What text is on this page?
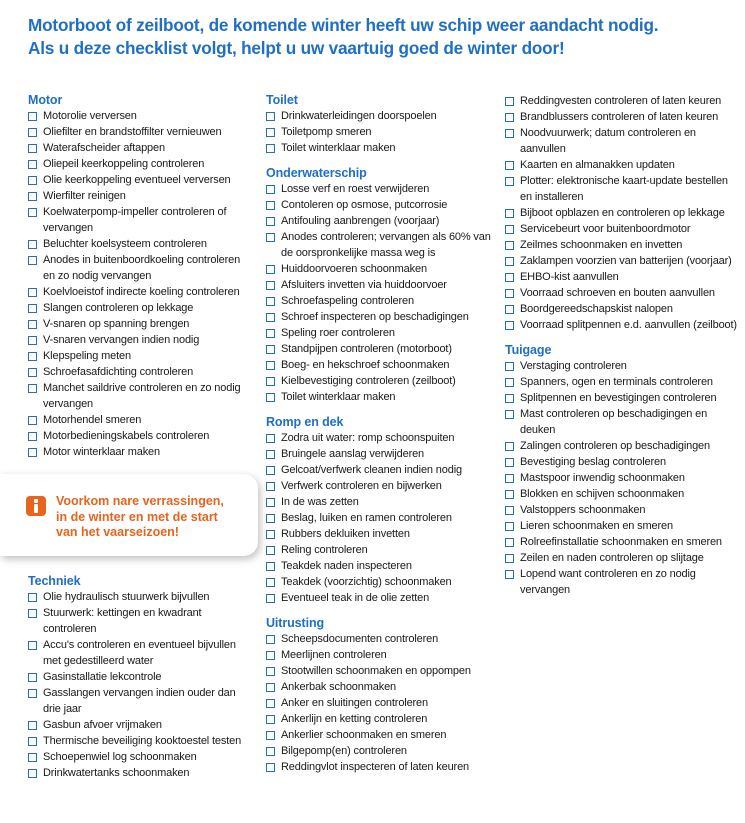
Motorboot of zeilboot, de komende winter heeft uw schip weer aandacht nodig.
Als u deze checklist volgt, helpt u uw vaartuig goed de winter door!
Motor
Motorolie verversen
Oliefilter en brandstoffilter vernieuwen
Waterafscheider aftappen
Oliepeil keerkoppeling controleren
Olie keerkoppeling eventueel verversen
Wierfilter reinigen
Koelwaterpomp-impeller controleren of vervangen
Beluchter koelsysteem controleren
Anodes in buitenboordkoeling controleren en zo nodig vervangen
Koelvloeistof indirecte koeling controleren
Slangen controleren op lekkage
V-snaren op spanning brengen
V-snaren vervangen indien nodig
Klepspeling meten
Schroefasafdichting controleren
Manchet saildrive controleren en zo nodig vervangen
Motorhendel smeren
Motorbedieningskabels controleren
Motor winterklaar maken
Voorkom nare verrassingen,
in de winter en met de start
van het vaarseizoen!
Techniek
Olie hydraulisch stuurwerk bijvullen
Stuurwerk: kettingen en kwadrant controleren
Accu's controleren en eventueel bijvullen met gedestilleerd water
Gasinstallatie lekcontrole
Gasslangen vervangen indien ouder dan drie jaar
Gasbun afvoer vrijmaken
Thermische beveiliging kooktoestel testen
Schoepenwiel log schoonmaken
Drinkwatertanks schoonmaken
Toilet
Drinkwaterleidingen doorspoelen
Toiletpomp smeren
Toilet winterklaar maken
Onderwaterschip
Losse verf en roest verwijderen
Contoleren op osmose, putcorrosie
Antifouling aanbrengen (voorjaar)
Anodes controleren; vervangen als 60% van de oorspronkelijke massa weg is
Huiddoorvoeren schoonmaken
Afsluiters invetten via huiddoorvoer
Schroefaspeling controleren
Schroef inspecteren op beschadigingen
Speling roer controleren
Standpijpen controleren (motorboot)
Boeg- en hekschroef schoonmaken
Kielbevestiging controleren (zeilboot)
Toilet winterklaar maken
Romp en dek
Zodra uit water: romp schoonspuiten
Bruingele aanslag verwijderen
Gelcoat/verfwerk cleanen indien nodig
Verfwerk controleren en bijwerken
In de was zetten
Beslag, luiken en ramen controleren
Rubbers dekluiken invetten
Reling controleren
Teakdek naden inspecteren
Teakdek (voorzichtig) schoonmaken
Eventueel teak in de olie zetten
Uitrusting
Scheepsdocumenten controleren
Meerlijnen controleren
Stootwillen schoonmaken en oppompen
Ankerbak schoonmaken
Anker en sluitingen controleren
Ankerlijn en ketting controleren
Ankerlier schoonmaken en smeren
Bilgepomp(en) controleren
Reddingvlot inspecteren of laten keuren
Reddingvesten controleren of laten keuren
Brandblussers controleren of laten keuren
Noodvuurwerk; datum controleren en aanvullen
Kaarten en almanakken updaten
Plotter: elektronische kaart-update bestellen en installeren
Bijboot opblazen en controleren op lekkage
Servicebeurt voor buitenboordmotor
Zeilmes schoonmaken en invetten
Zaklampen voorzien van batterijen (voorjaar)
EHBO-kist aanvullen
Voorraad schroeven en bouten aanvullen
Boordgereedschapskist nalopen
Voorraad splitpennen e.d. aanvullen (zeilboot)
Tuigage
Verstaging controleren
Spanners, ogen en terminals controleren
Splitpennen en bevestigingen controleren
Mast controleren op beschadigingen en deuken
Zalingen controleren op beschadigingen
Bevestiging beslag controleren
Mastspoor inwendig schoonmaken
Blokken en schijven schoonmaken
Valstoppers schoonmaken
Lieren schoonmaken en smeren
Rolreefinstallatie schoonmaken en smeren
Zeilen en naden controleren op slijtage
Lopend want controleren en zo nodig vervangen
